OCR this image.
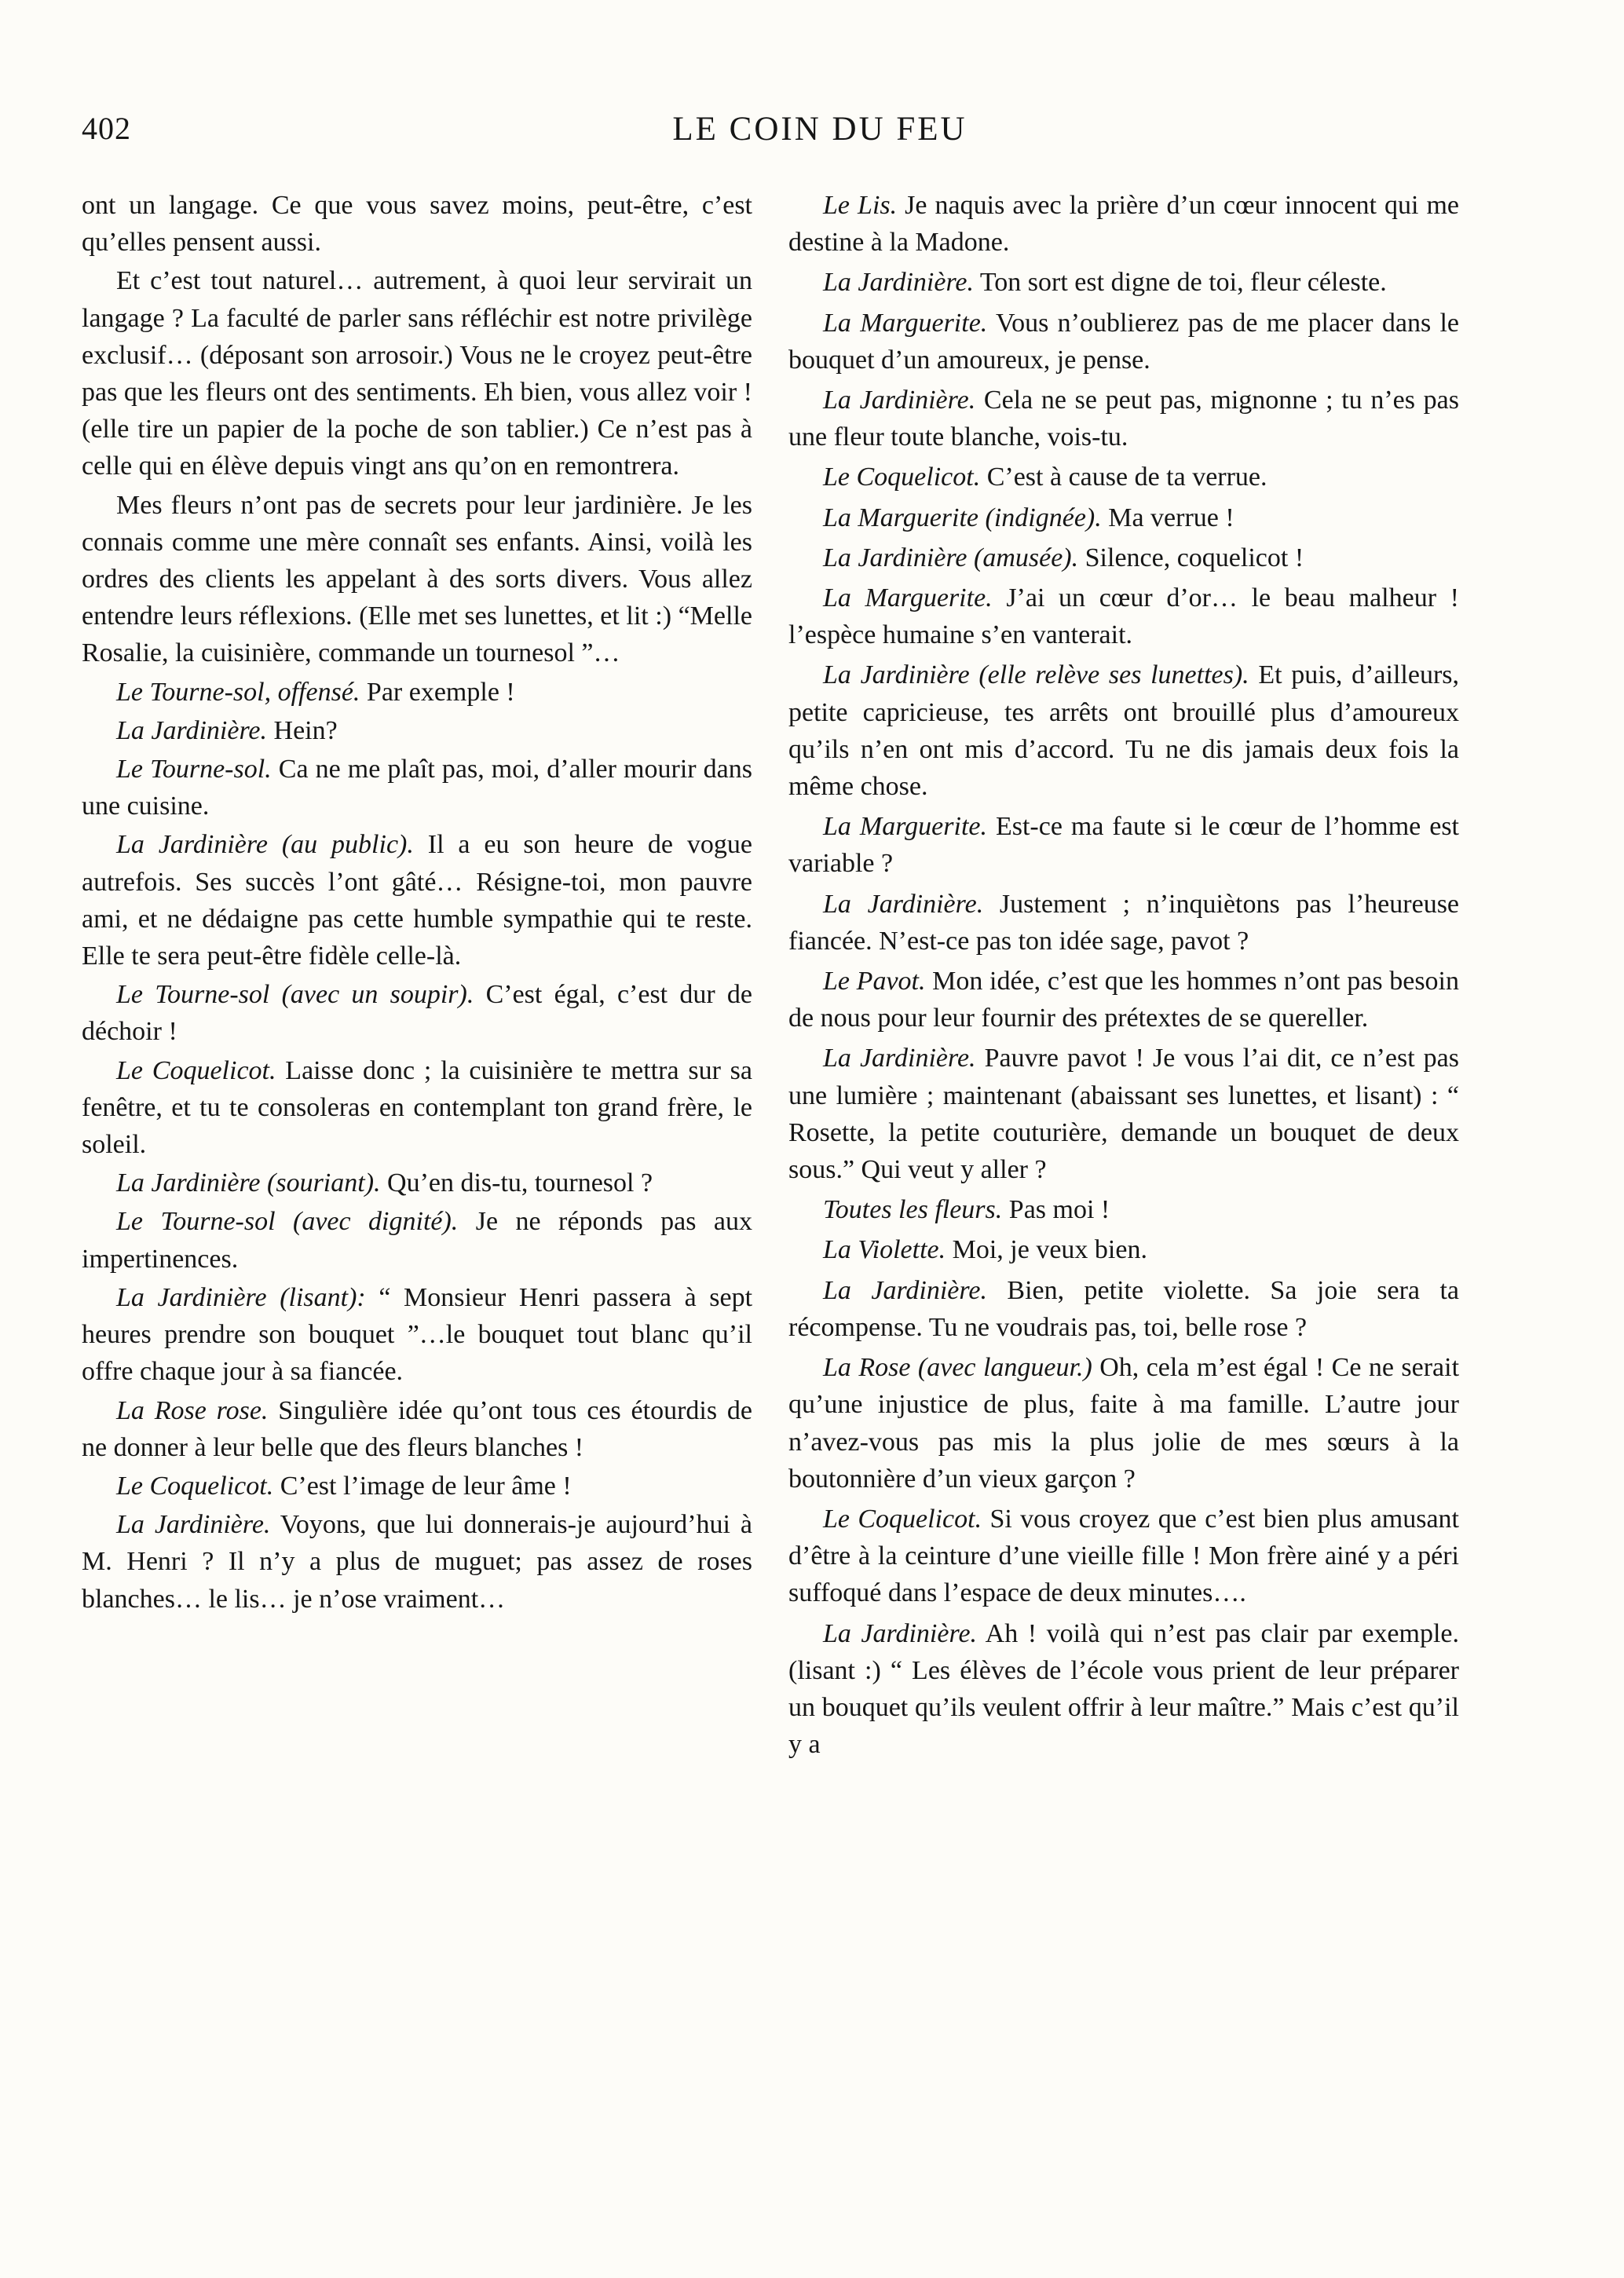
402	LE COIN DU FEU

ont un langage. Ce que vous savez moins, peut-être, c’est qu’elles pensent aussi.

Et c’est tout naturel… autrement, à quoi leur servirait un langage ? La faculté de parler sans réfléchir est notre privilège exclusif… (déposant son arrosoir.) Vous ne le croyez peut-être pas que les fleurs ont des sentiments. Eh bien, vous allez voir ! (elle tire un papier de la poche de son tablier.) Ce n’est pas à celle qui en élève depuis vingt ans qu’on en remontrera.

Mes fleurs n’ont pas de secrets pour leur jardinière. Je les connais comme une mère connaît ses enfants. Ainsi, voilà les ordres des clients les appelant à des sorts divers. Vous allez entendre leurs réflexions. (Elle met ses lunettes, et lit :) “Melle Rosalie, la cuisinière, commande un tournesol ”…

Le Tourne-sol, offensé. Par exemple !

La Jardinière. Hein?

Le Tourne-sol. Ca ne me plaît pas, moi, d’aller mourir dans une cuisine.

La Jardinière (au public). Il a eu son heure de vogue autrefois. Ses succès l’ont gâté… Résigne-toi, mon pauvre ami, et ne dédaigne pas cette humble sympathie qui te reste. Elle te sera peut-être fidèle celle-là.

Le Tourne-sol (avec un soupir). C’est égal, c’est dur de déchoir !

Le Coquelicot. Laisse donc ; la cuisinière te mettra sur sa fenêtre, et tu te consoleras en contemplant ton grand frère, le soleil.

La Jardinière (souriant). Qu’en dis-tu, tournesol ?

Le Tourne-sol (avec dignité). Je ne réponds pas aux impertinences.

La Jardinière (lisant): “ Monsieur Henri passera à sept heures prendre son bouquet ”…le bouquet tout blanc qu’il offre chaque jour à sa fiancée.

La Rose rose. Singulière idée qu’ont tous ces étourdis de ne donner à leur belle que des fleurs blanches !

Le Coquelicot. C’est l’image de leur âme !

La Jardinière. Voyons, que lui donnerais-je aujourd’hui à M. Henri ? Il n’y a plus de muguet; pas assez de roses blanches… le lis… je n’ose vraiment…

Le Lis. Je naquis avec la prière d’un cœur innocent qui me destine à la Madone.

La Jardinière. Ton sort est digne de toi, fleur céleste.

La Marguerite. Vous n’oublierez pas de me placer dans le bouquet d’un amoureux, je pense.

La Jardinière. Cela ne se peut pas, mignonne ; tu n’es pas une fleur toute blanche, vois-tu.

Le Coquelicot. C’est à cause de ta verrue.

La Marguerite (indignée). Ma verrue !

La Jardinière (amusée). Silence, coquelicot !

La Marguerite. J’ai un cœur d’or… le beau malheur ! l’espèce humaine s’en vanterait.

La Jardinière (elle relève ses lunettes). Et puis, d’ailleurs, petite capricieuse, tes arrêts ont brouillé plus d’amoureux qu’ils n’en ont mis d’accord. Tu ne dis jamais deux fois la même chose.

La Marguerite. Est-ce ma faute si le cœur de l’homme est variable ?

La Jardinière. Justement ; n’inquiètons pas l’heureuse fiancée. N’est-ce pas ton idée sage, pavot ?

Le Pavot. Mon idée, c’est que les hommes n’ont pas besoin de nous pour leur fournir des prétextes de se quereller.

La Jardinière. Pauvre pavot ! Je vous l’ai dit, ce n’est pas une lumière ; maintenant (abaissant ses lunettes, et lisant) : “ Rosette, la petite couturière, demande un bouquet de deux sous.” Qui veut y aller ?

Toutes les fleurs. Pas moi !

La Violette. Moi, je veux bien.

La Jardinière. Bien, petite violette. Sa joie sera ta récompense. Tu ne voudrais pas, toi, belle rose ?

La Rose (avec langueur.) Oh, cela m’est égal ! Ce ne serait qu’une injustice de plus, faite à ma famille. L’autre jour n’avez-vous pas mis la plus jolie de mes sœurs à la boutonnière d’un vieux garçon ?

Le Coquelicot. Si vous croyez que c’est bien plus amusant d’être à la ceinture d’une vieille fille ! Mon frère ainé y a péri suffoqué dans l’espace de deux minutes….

La Jardinière. Ah ! voilà qui n’est pas clair par exemple. (lisant :) “ Les élèves de l’école vous prient de leur préparer un bouquet qu’ils veulent offrir à leur maître.” Mais c’est qu’il y a
